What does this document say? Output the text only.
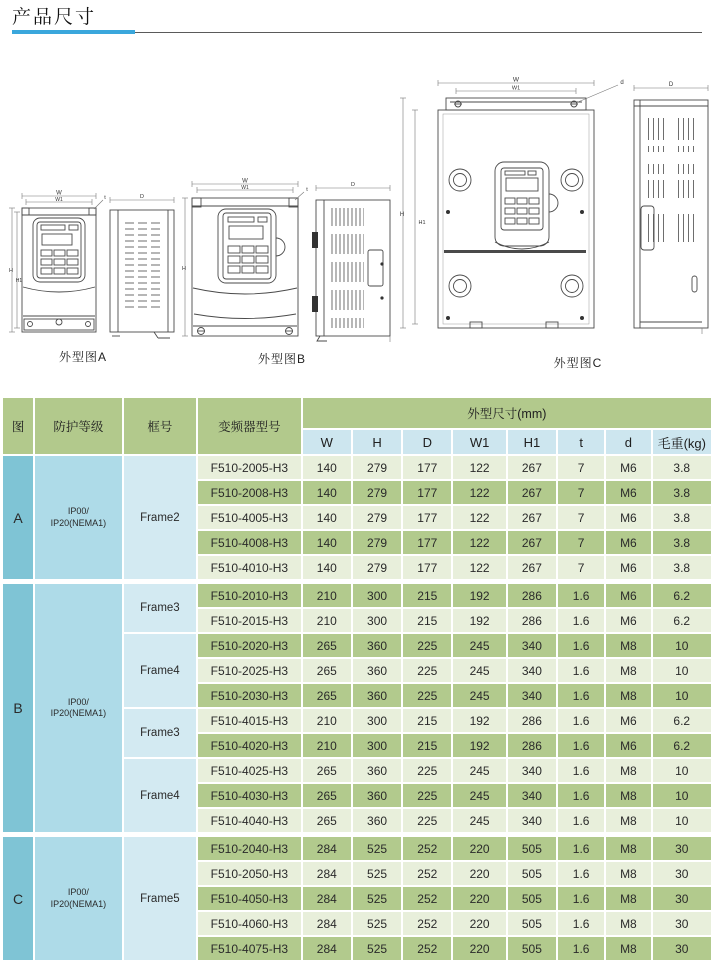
产品尺寸
W
W1
H
H1
t	D
外型图A
W
W1
H
t
D
外型图B
W
W1
H
H1
d	D
外型图C
图	防护等级	框号	变频器型号	外型尺寸(mm)							
				W	H	D	W1	H1	t	d	毛重(kg)
A	IP00/
IP20(NEMA1)	Frame2	F510-2005-H3	140	279	177	122	267	7	M6	3.8
			F510-2008-H3	140	279	177	122	267	7	M6	3.8
			F510-4005-H3	140	279	177	122	267	7	M6	3.8
			F510-4008-H3	140	279	177	122	267	7	M6	3.8
			F510-4010-H3	140	279	177	122	267	7	M6	3.8

B	IP00/
IP20(NEMA1)	Frame3	F510-2010-H3	210	300	215	192	286	1.6	M6	6.2
			F510-2015-H3	210	300	215	192	286	1.6	M6	6.2
		Frame4	F510-2020-H3	265	360	225	245	340	1.6	M8	10
			F510-2025-H3	265	360	225	245	340	1.6	M8	10
			F510-2030-H3	265	360	225	245	340	1.6	M8	10
		Frame3	F510-4015-H3	210	300	215	192	286	1.6	M6	6.2
			F510-4020-H3	210	300	215	192	286	1.6	M6	6.2
		Frame4	F510-4025-H3	265	360	225	245	340	1.6	M8	10
			F510-4030-H3	265	360	225	245	340	1.6	M8	10
			F510-4040-H3	265	360	225	245	340	1.6	M8	10

C	IP00/
IP20(NEMA1)	Frame5	F510-2040-H3	284	525	252	220	505	1.6	M8	30
			F510-2050-H3	284	525	252	220	505	1.6	M8	30
			F510-4050-H3	284	525	252	220	505	1.6	M8	30
			F510-4060-H3	284	525	252	220	505	1.6	M8	30
			F510-4075-H3	284	525	252	220	505	1.6	M8	30
